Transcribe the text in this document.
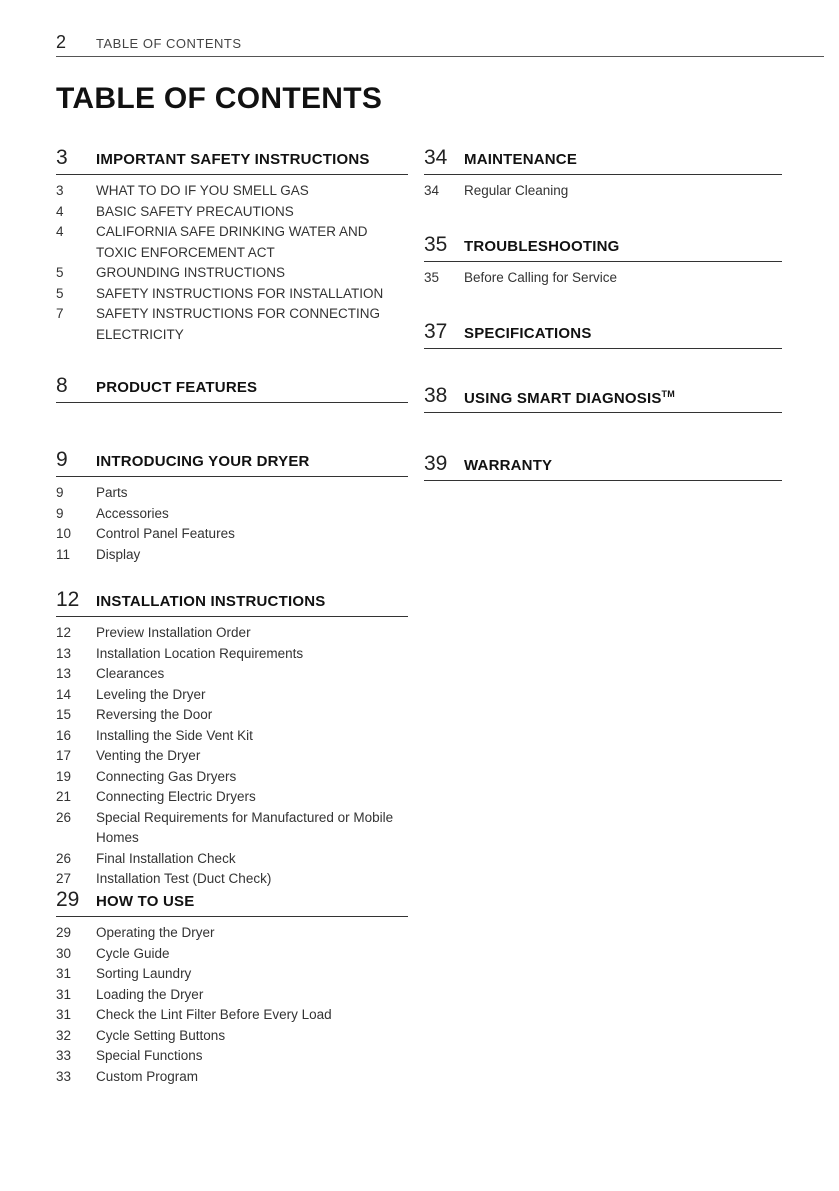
2 TABLE OF CONTENTS
TABLE OF CONTENTS
3 IMPORTANT SAFETY INSTRUCTIONS
3 WHAT TO DO IF YOU SMELL GAS
4 BASIC SAFETY PRECAUTIONS
4 CALIFORNIA SAFE DRINKING WATER AND TOXIC ENFORCEMENT ACT
5 GROUNDING INSTRUCTIONS
5 SAFETY INSTRUCTIONS FOR INSTALLATION
7 SAFETY INSTRUCTIONS FOR CONNECTING ELECTRICITY
8 PRODUCT FEATURES
9 INTRODUCING YOUR DRYER
9 Parts
9 Accessories
10 Control Panel Features
11 Display
12 INSTALLATION INSTRUCTIONS
12 Preview Installation Order
13 Installation Location Requirements
13 Clearances
14 Leveling the Dryer
15 Reversing the Door
16 Installing the Side Vent Kit
17 Venting the Dryer
19 Connecting Gas Dryers
21 Connecting Electric Dryers
26 Special Requirements for Manufactured or Mobile Homes
26 Final Installation Check
27 Installation Test (Duct Check)
29 HOW TO USE
29 Operating the Dryer
30 Cycle Guide
31 Sorting Laundry
31 Loading the Dryer
31 Check the Lint Filter Before Every Load
32 Cycle Setting Buttons
33 Special Functions
33 Custom Program
34 MAINTENANCE
34 Regular Cleaning
35 TROUBLESHOOTING
35 Before Calling for Service
37 SPECIFICATIONS
38 USING SMART DIAGNOSIS™
39 WARRANTY
